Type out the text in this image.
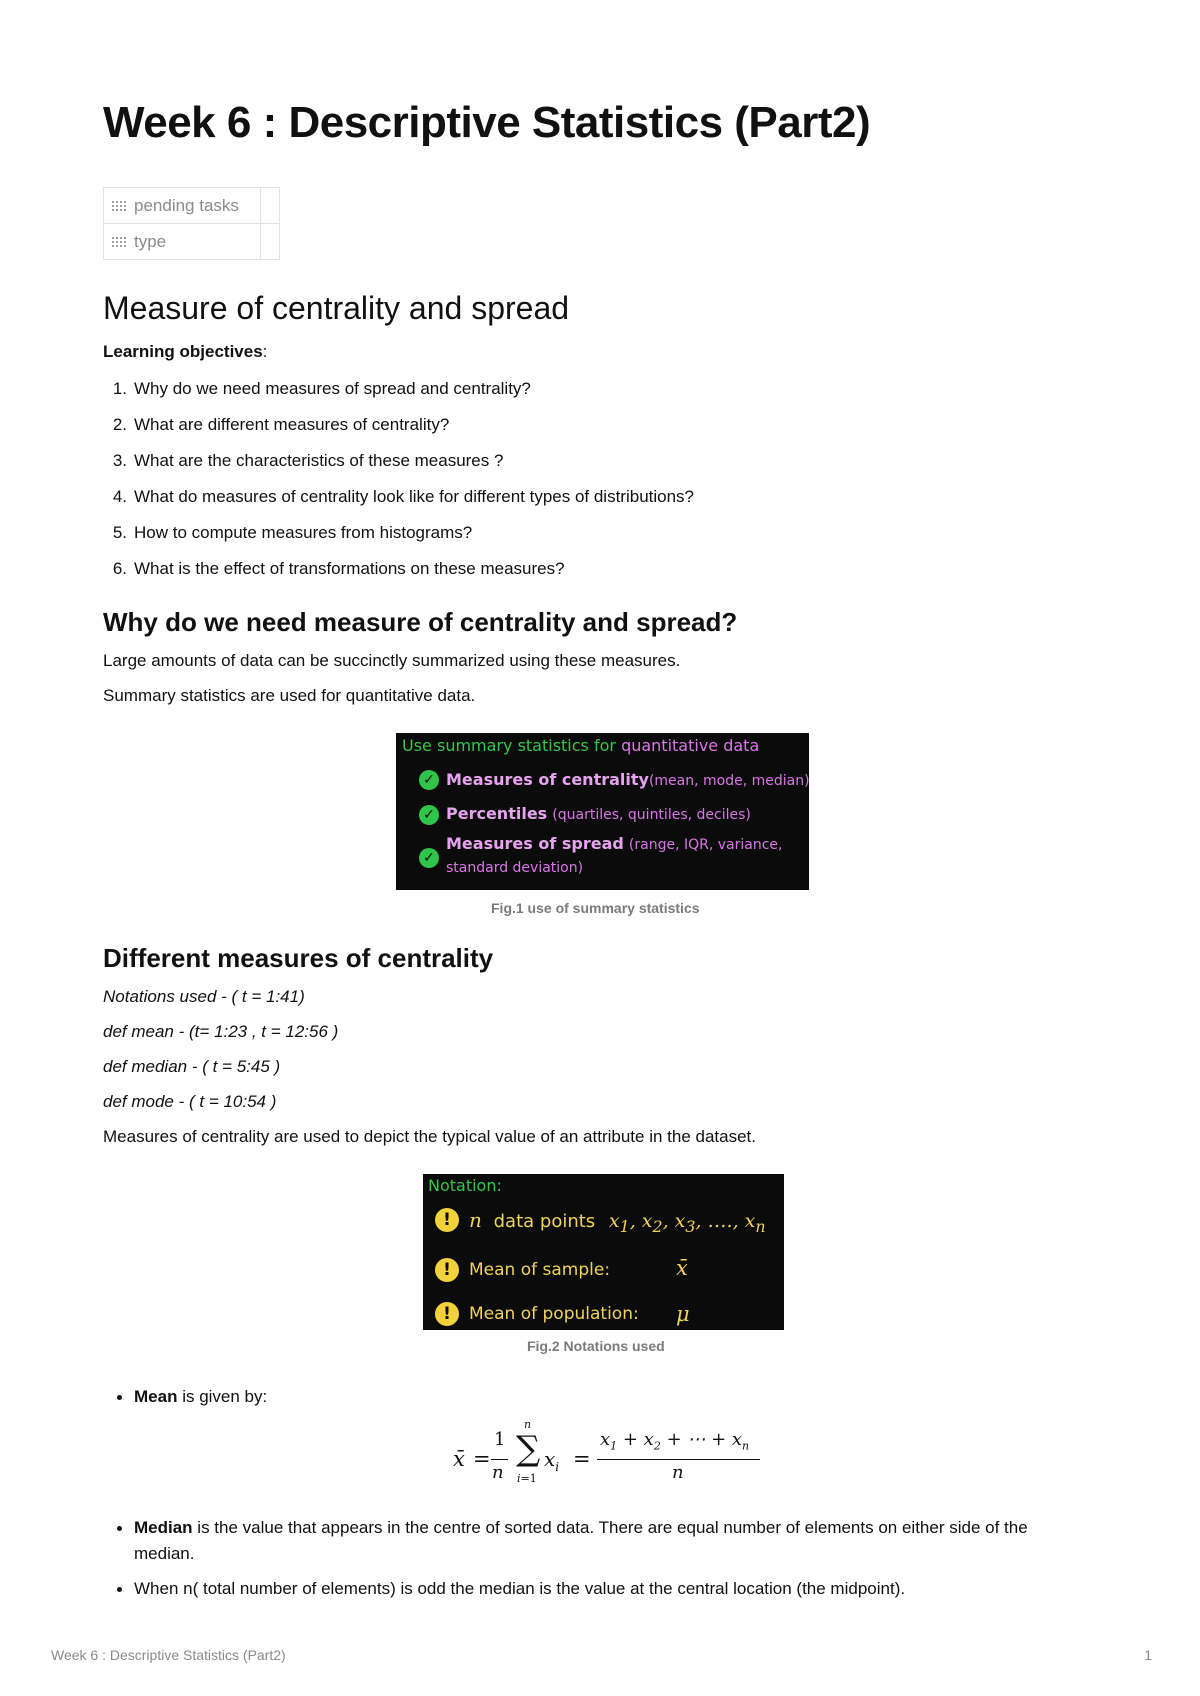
Week 6 : Descriptive Statistics (Part2)
pending tasks
type
Measure of centrality and spread
Learning objectives:
1. Why do we need measures of spread and centrality?
2. What are different measures of centrality?
3. What are the characteristics of these measures ?
4. What do measures of centrality look like for different types of distributions?
5. How to compute measures from histograms?
6. What is the effect of transformations on these measures?
Why do we need measure of centrality and spread?
Large amounts of data can be succinctly summarized using these measures.
Summary statistics are used for quantitative data.
Use summary statistics for quantitative data
✓ Measures of centrality(mean, mode, median)
✓ Percentiles (quartiles, quintiles, deciles)
✓
Measures of spread (range, IQR, variance,
standard deviation)
Fig.1 use of summary statistics
Different measures of centrality
Notations used - ( t = 1:41)
def mean - (t= 1:23 , t = 12:56 )
def median - ( t = 5:45 )
def mode - ( t = 10:54 )
Measures of centrality are used to depict the typical value of an attribute in the dataset.
Notation:
! n data points $x_1$, $x_2$, $x_3$, …., $x_n$
!	Mean of sample:	x̄
!	Mean of population: μ
Fig.2 Notations used
Mean is given by:
x̄ =
1
n
n
∑
i=1
$x_i$ =
$x_1 + x_2$ + ⋯ + $x_n$
n
Median is the value that appears in the centre of sorted data. There are equal number of elements on either side of the median.
When n( total number of elements) is odd the median is the value at the central location (the midpoint).
Week 6 : Descriptive Statistics (Part2)	1
